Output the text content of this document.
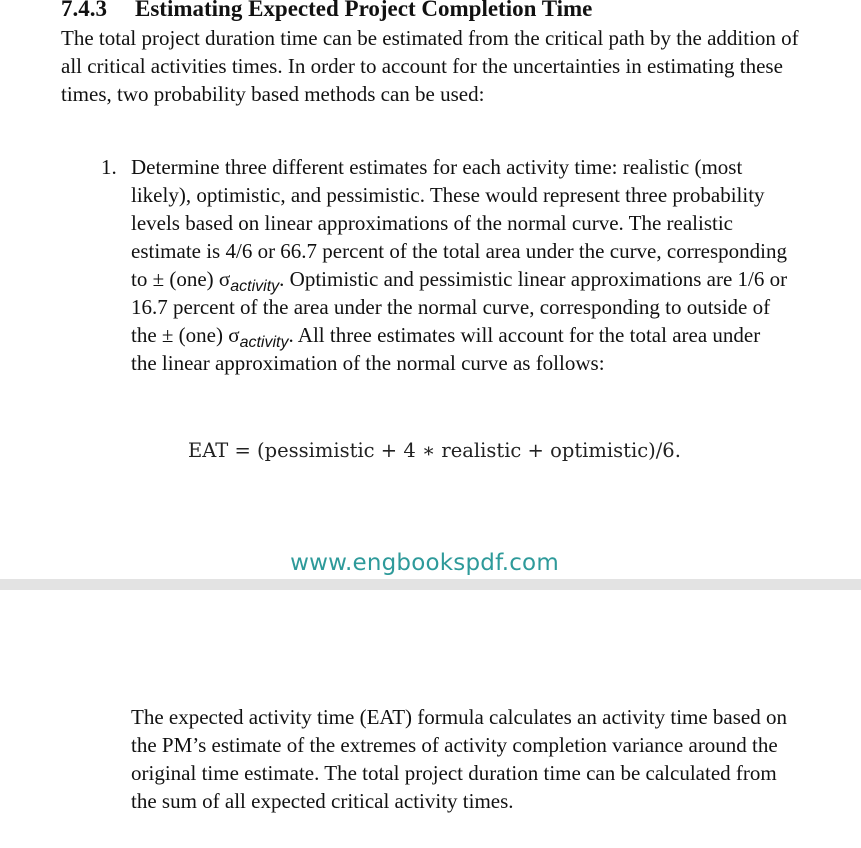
7.4.3 Estimating Expected Project Completion Time

The total project duration time can be estimated from the critical path by the addition of all critical activities times. In order to account for the uncertainties in estimating these times, two probability based methods can be used:

1. Determine three different estimates for each activity time: realistic (most likely), optimistic, and pessimistic. These would represent three probability levels based on linear approximations of the normal curve. The realistic estimate is 4/6 or 66.7 percent of the total area under the curve, corresponding to ± (one) $\sigma_{activity}$. Optimistic and pessimistic linear approximations are 1/6 or 16.7 percent of the area under the normal curve, corresponding to outside of the ± (one) $\sigma_{activity}$. All three estimates will account for the total area under the linear approximation of the normal curve as follows:
EAT = (pessimistic + 4 ∗ realistic + optimistic)/6.
www.engbookspdf.com

The expected activity time (EAT) formula calculates an activity time based on the PM’s estimate of the extremes of activity completion variance around the original time estimate. The total project duration time can be calculated from the sum of all expected critical activity times.
